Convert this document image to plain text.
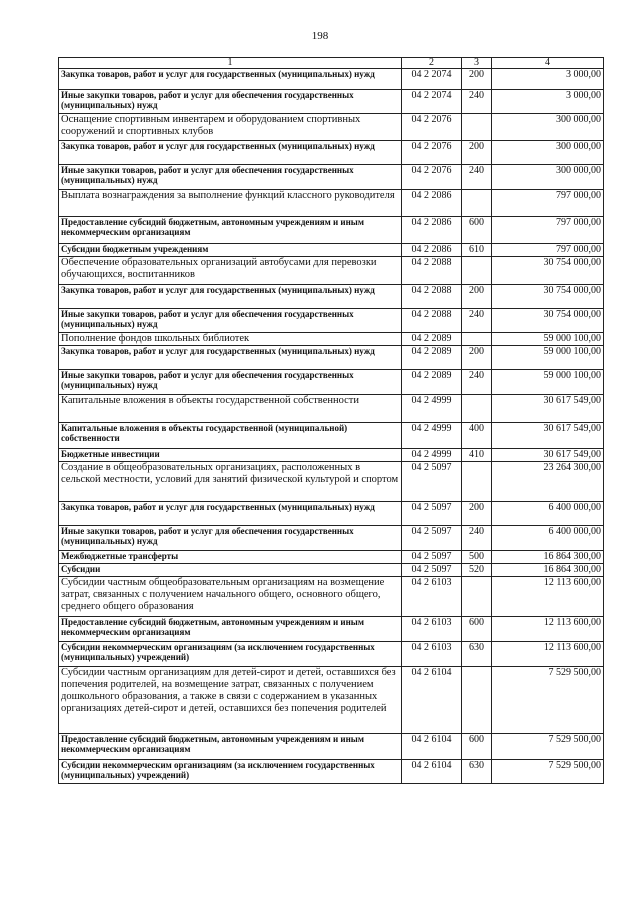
198
1	2	3	4
Закупка товаров, работ и услуг для государственных (муниципальных) нужд	04 2 2074	200	3 000,00
Иные закупки товаров, работ и услуг для обеспечения государственных (муниципальных) нужд	04 2 2074	240	3 000,00
Оснащение спортивным инвентарем и оборудованием спортивных сооружений и спортивных клубов	04 2 2076		300 000,00
Закупка товаров, работ и услуг для государственных (муниципальных) нужд	04 2 2076	200	300 000,00
Иные закупки товаров, работ и услуг для обеспечения государственных (муниципальных) нужд	04 2 2076	240	300 000,00
Выплата вознаграждения за выполнение функций классного руководителя	04 2 2086		797 000,00
Предоставление субсидий бюджетным, автономным учреждениям и иным некоммерческим организациям	04 2 2086	600	797 000,00
Субсидии бюджетным учреждениям	04 2 2086	610	797 000,00
Обеспечение образовательных организаций автобусами для перевозки обучающихся, воспитанников	04 2 2088		30 754 000,00
Закупка товаров, работ и услуг для государственных (муниципальных) нужд	04 2 2088	200	30 754 000,00
Иные закупки товаров, работ и услуг для обеспечения государственных (муниципальных) нужд	04 2 2088	240	30 754 000,00
Пополнение фондов школьных библиотек	04 2 2089		59 000 100,00
Закупка товаров, работ и услуг для государственных (муниципальных) нужд	04 2 2089	200	59 000 100,00
Иные закупки товаров, работ и услуг для обеспечения государственных (муниципальных) нужд	04 2 2089	240	59 000 100,00
Капитальные вложения в объекты государственной собственности	04 2 4999		30 617 549,00
Капитальные вложения в объекты государственной (муниципальной) собственности	04 2 4999	400	30 617 549,00
Бюджетные инвестиции	04 2 4999	410	30 617 549,00
Создание в общеобразовательных организациях, расположенных в сельской местности, условий для занятий физической культурой и спортом	04 2 5097		23 264 300,00
Закупка товаров, работ и услуг для государственных (муниципальных) нужд	04 2 5097	200	6 400 000,00
Иные закупки товаров, работ и услуг для обеспечения государственных (муниципальных) нужд	04 2 5097	240	6 400 000,00
Межбюджетные трансферты	04 2 5097	500	16 864 300,00
Субсидии	04 2 5097	520	16 864 300,00
Субсидии частным общеобразовательным организациям на возмещение затрат, связанных с получением начального общего, основного общего, среднего общего образования	04 2 6103		12 113 600,00
Предоставление субсидий бюджетным, автономным учреждениям и иным некоммерческим организациям	04 2 6103	600	12 113 600,00
Субсидии некоммерческим организациям (за исключением государственных (муниципальных) учреждений)	04 2 6103	630	12 113 600,00
Субсидии частным организациям для детей-сирот и детей, оставшихся без попечения родителей, на возмещение затрат, связанных с получением дошкольного образования, а также в связи с содержанием в указанных организациях детей-сирот и детей, оставшихся без попечения родителей	04 2 6104		7 529 500,00
Предоставление субсидий бюджетным, автономным учреждениям и иным некоммерческим организациям	04 2 6104	600	7 529 500,00
Субсидии некоммерческим организациям (за исключением государственных (муниципальных) учреждений)	04 2 6104	630	7 529 500,00
